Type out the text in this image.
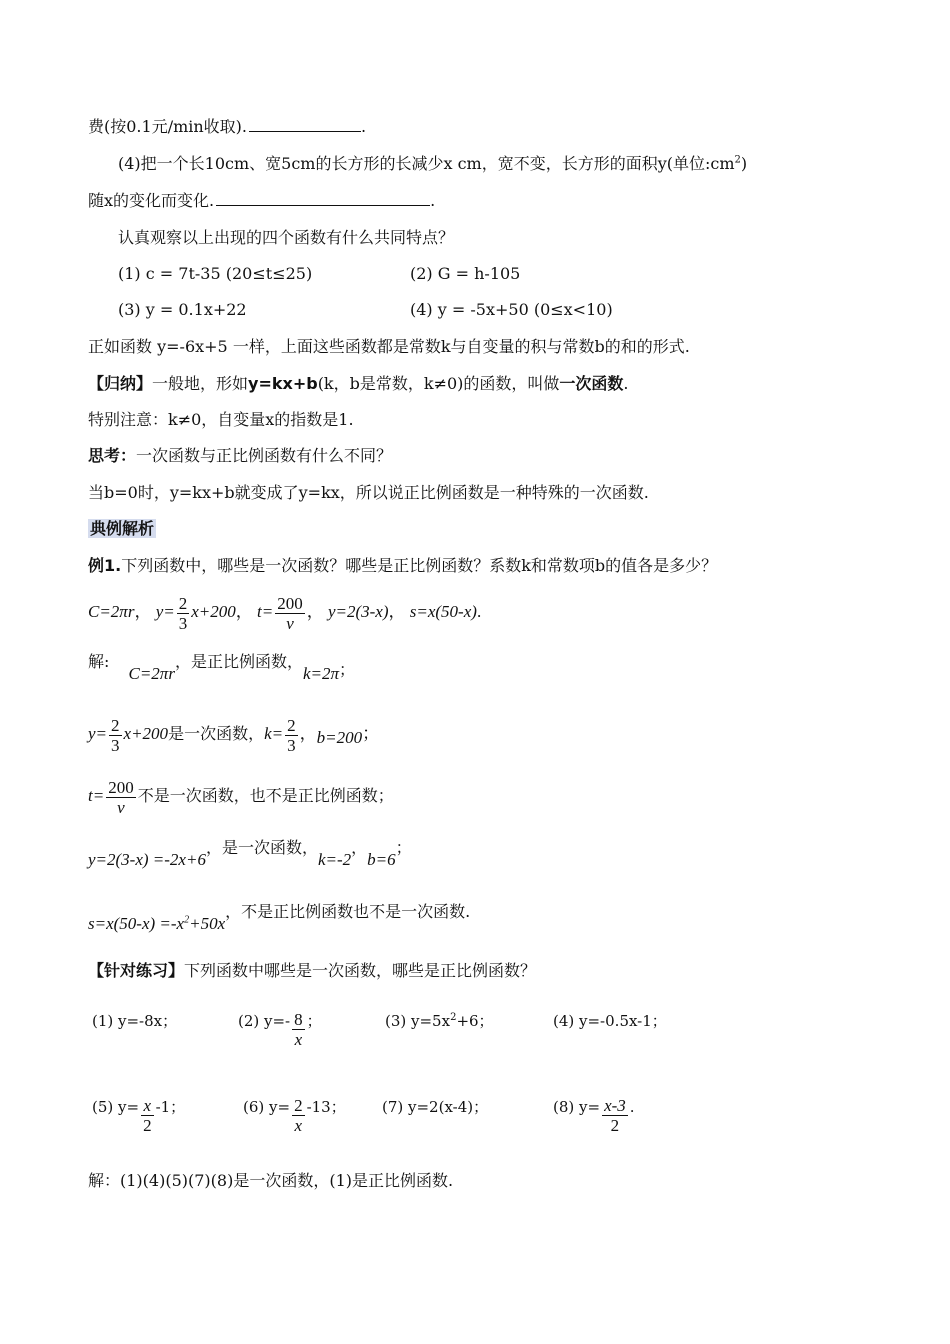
费(按0.1元/min收取).	.
(4)把一个长10cm、宽5cm的长方形的长减少x cm，宽不变，长方形的面积y(单位$:cm^2$)
随x的变化而变化.	.
认真观察以上出现的四个函数有什么共同特点？
(1) c = 7t-35 (20≤t≤25)	(2) G = h-105
(3) y = 0.1x+22	(4) y = -5x+50 (0≤x<10)
正如函数 y=-6x+5 一样，上面这些函数都是常数k与自变量的积与常数b的和的形式.
【归纳】一般地，形如y=kx+b(k，b是常数，k≠0)的函数，叫做一次函数.
特别注意：k≠0，自变量x的指数是1.
思考：一次函数与正比例函数有什么不同？
当b=0时，y=kx+b就变成了y=kx，所以说正比例函数是一种特殊的一次函数.
典例解析
例1.下列函数中，哪些是一次函数？哪些是正比例函数？系数k和常数项b的值各是多少？
C=2πr， $y= \frac{2}{3} x+200$， $t= \frac{200}{v}$ ， y=2(3-x)， s=x(50-x).
解: C=2πr，是正比例函数，k=2π；
$y= \frac{2}{3} x+200$是一次函数，$k= \frac{2}{3}$ ，b=200；
$t= \frac{200}{v}$ 不是一次函数，也不是正比例函数；
y=2(3-x) =-2x+6，是一次函数，k=-2，b=6；
$s=x(50-x) =-x^2+50x$，不是正比例函数也不是一次函数.
【针对练习】下列函数中哪些是一次函数，哪些是正比例函数？
(1) y=-8x；	(2) $y=- \frac{8}{x}$ ；	(3) $y=5x^2+6$；	(4) y=-0.5x-1；
(5) $y= \frac{x}{2} -1$；	(6) $y= \frac{2}{x} -13$； (7) y=2(x-4)；	(8) $y= \frac{x-3}{2}$ .
解：(1)(4)(5)(7)(8)是一次函数，(1)是正比例函数.
